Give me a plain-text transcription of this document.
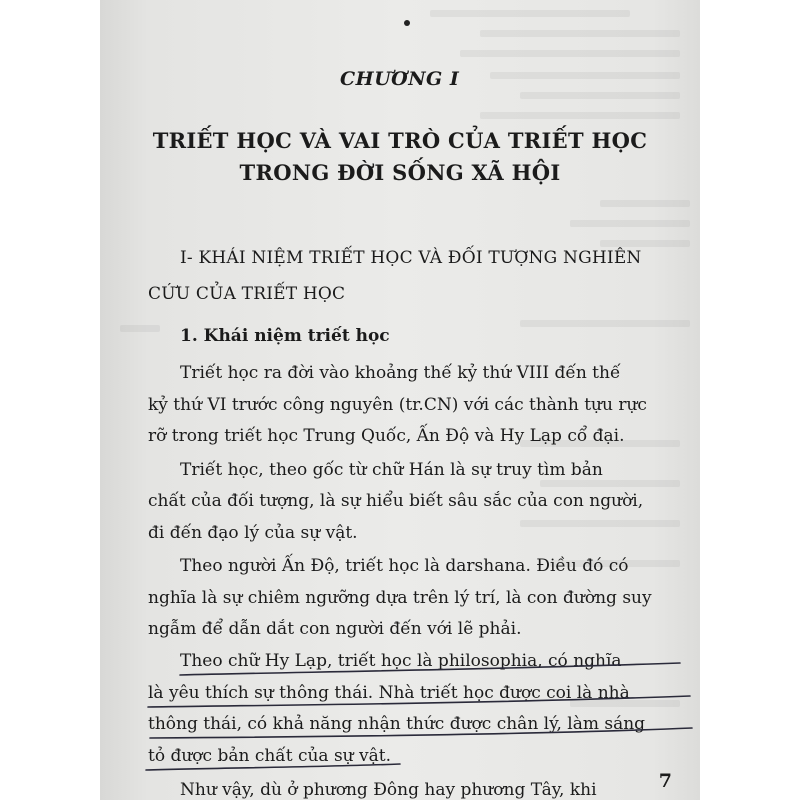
CHƯƠNG I
TRIẾT HỌC VÀ VAI TRÒ CỦA TRIẾT HỌC
TRONG ĐỜI SỐNG XÃ HỘI
I- KHÁI NIỆM TRIẾT HỌC VÀ ĐỐI TƯỢNG NGHIÊN
CỨU CỦA TRIẾT HỌC
1. Khái niệm triết học
Triết học ra đời vào khoảng thế kỷ thứ VIII đến thế
kỷ thứ VI trước công nguyên (tr.CN) với các thành tựu rực
rỡ trong triết học Trung Quốc, Ấn Độ và Hy Lạp cổ đại.
Triết học, theo gốc từ chữ Hán là sự truy tìm bản
chất của đối tượng, là sự hiểu biết sâu sắc của con người,
đi đến đạo lý của sự vật.
Theo người Ấn Độ, triết học là darshana. Điều đó có
nghĩa là sự chiêm ngưỡng dựa trên lý trí, là con đường suy
ngẫm để dẫn dắt con người đến với lẽ phải.
Theo chữ Hy Lạp, triết học là philosophia, có nghĩa
là yêu thích sự thông thái. Nhà triết học được coi là nhà
thông thái, có khả năng nhận thức được chân lý, làm sáng
tỏ được bản chất của sự vật.
Như vậy, dù ở phương Đông hay phương Tây, khi	7
